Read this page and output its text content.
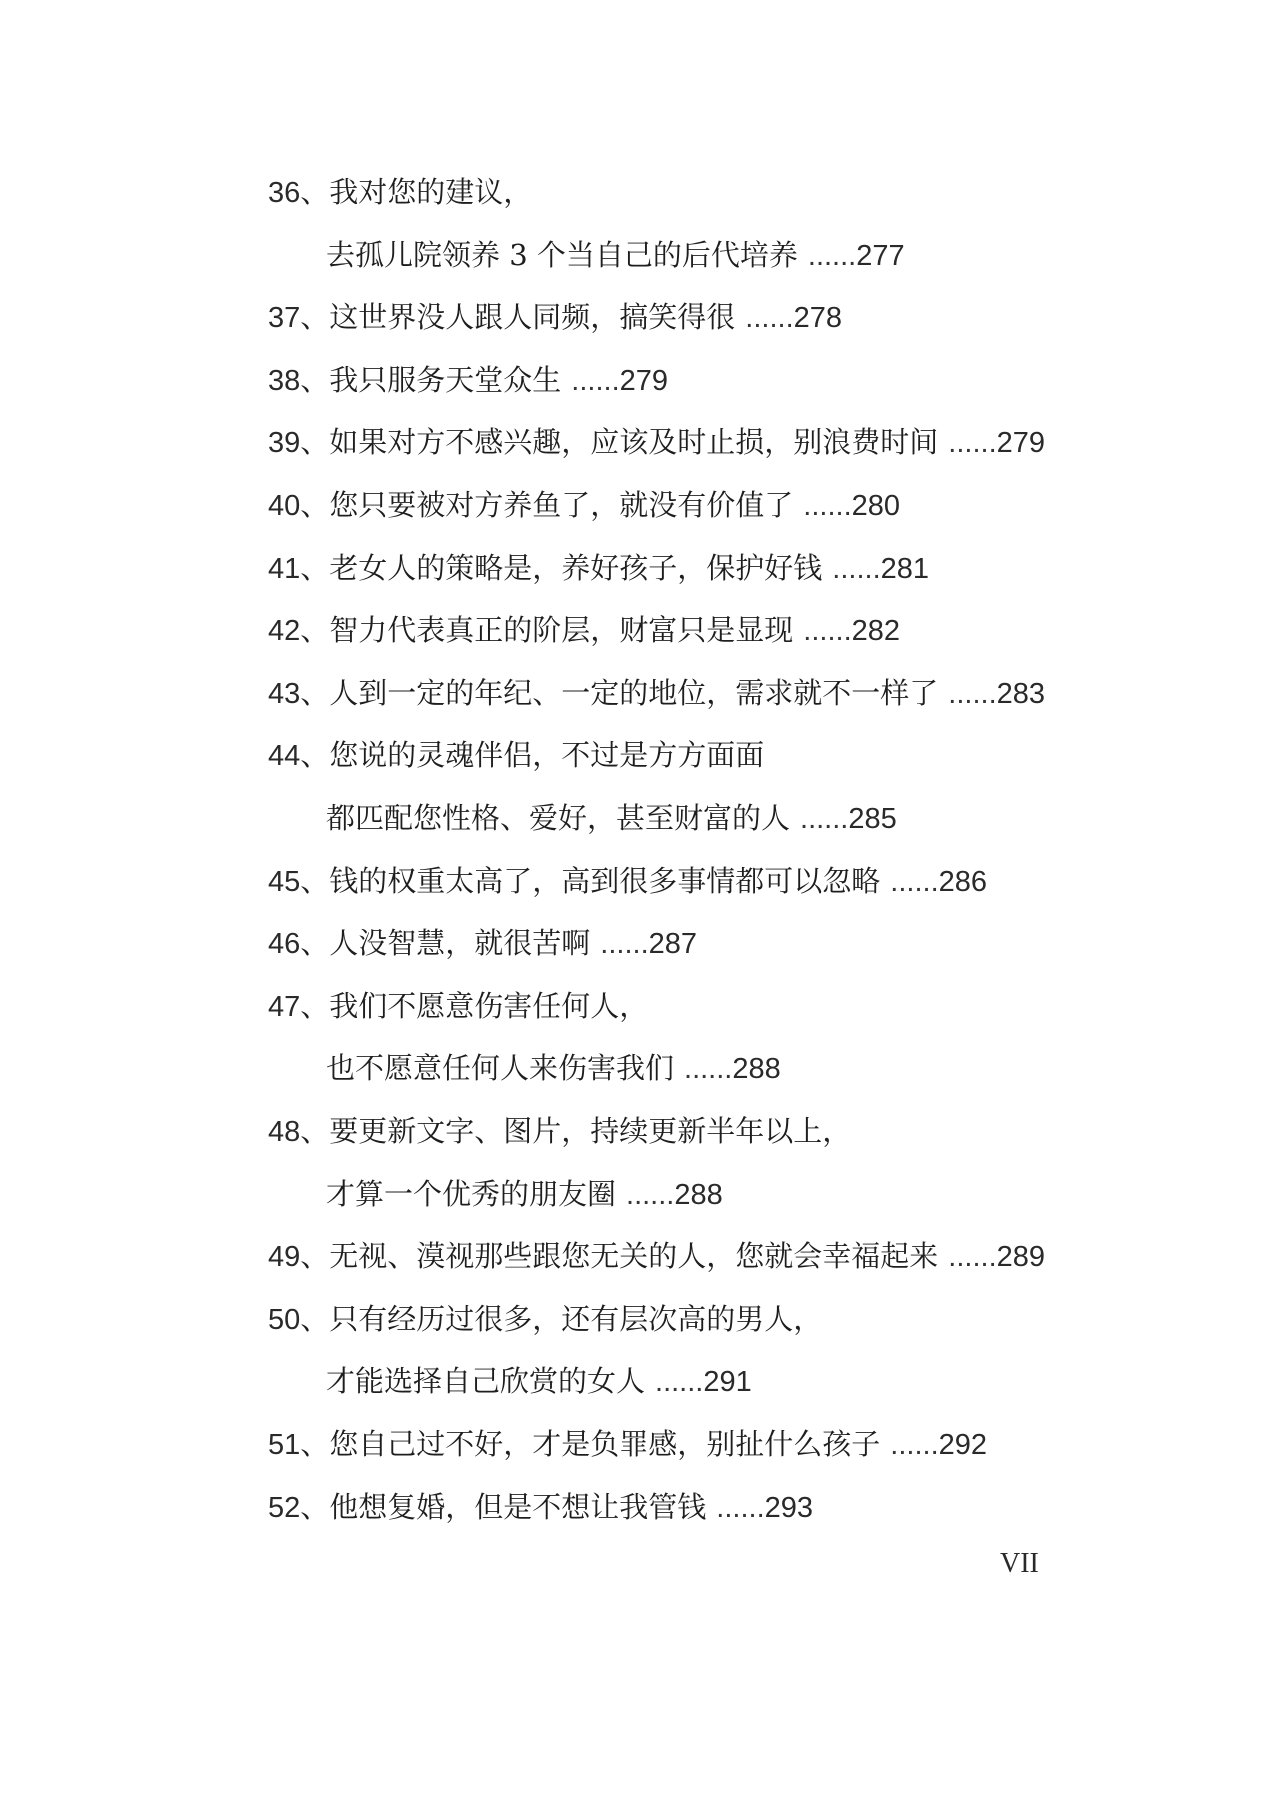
36、我对您的建议，
去孤儿院领养 3 个当自己的后代培养 ......277
37、这世界没人跟人同频，搞笑得很 ......278
38、我只服务天堂众生 ......279
39、如果对方不感兴趣，应该及时止损，别浪费时间 ......279
40、您只要被对方养鱼了，就没有价值了 ......280
41、老女人的策略是，养好孩子，保护好钱 ......281
42、智力代表真正的阶层，财富只是显现 ......282
43、人到一定的年纪、一定的地位，需求就不一样了 ......283
44、您说的灵魂伴侣，不过是方方面面
都匹配您性格、爱好，甚至财富的人 ......285
45、钱的权重太高了，高到很多事情都可以忽略 ......286
46、人没智慧，就很苦啊 ......287
47、我们不愿意伤害任何人，
也不愿意任何人来伤害我们 ......288
48、要更新文字、图片，持续更新半年以上，
才算一个优秀的朋友圈 ......288
49、无视、漠视那些跟您无关的人，您就会幸福起来 ......289
50、只有经历过很多，还有层次高的男人，
才能选择自己欣赏的女人 ......291
51、您自己过不好，才是负罪感，别扯什么孩子 ......292
52、他想复婚，但是不想让我管钱 ......293
VII
